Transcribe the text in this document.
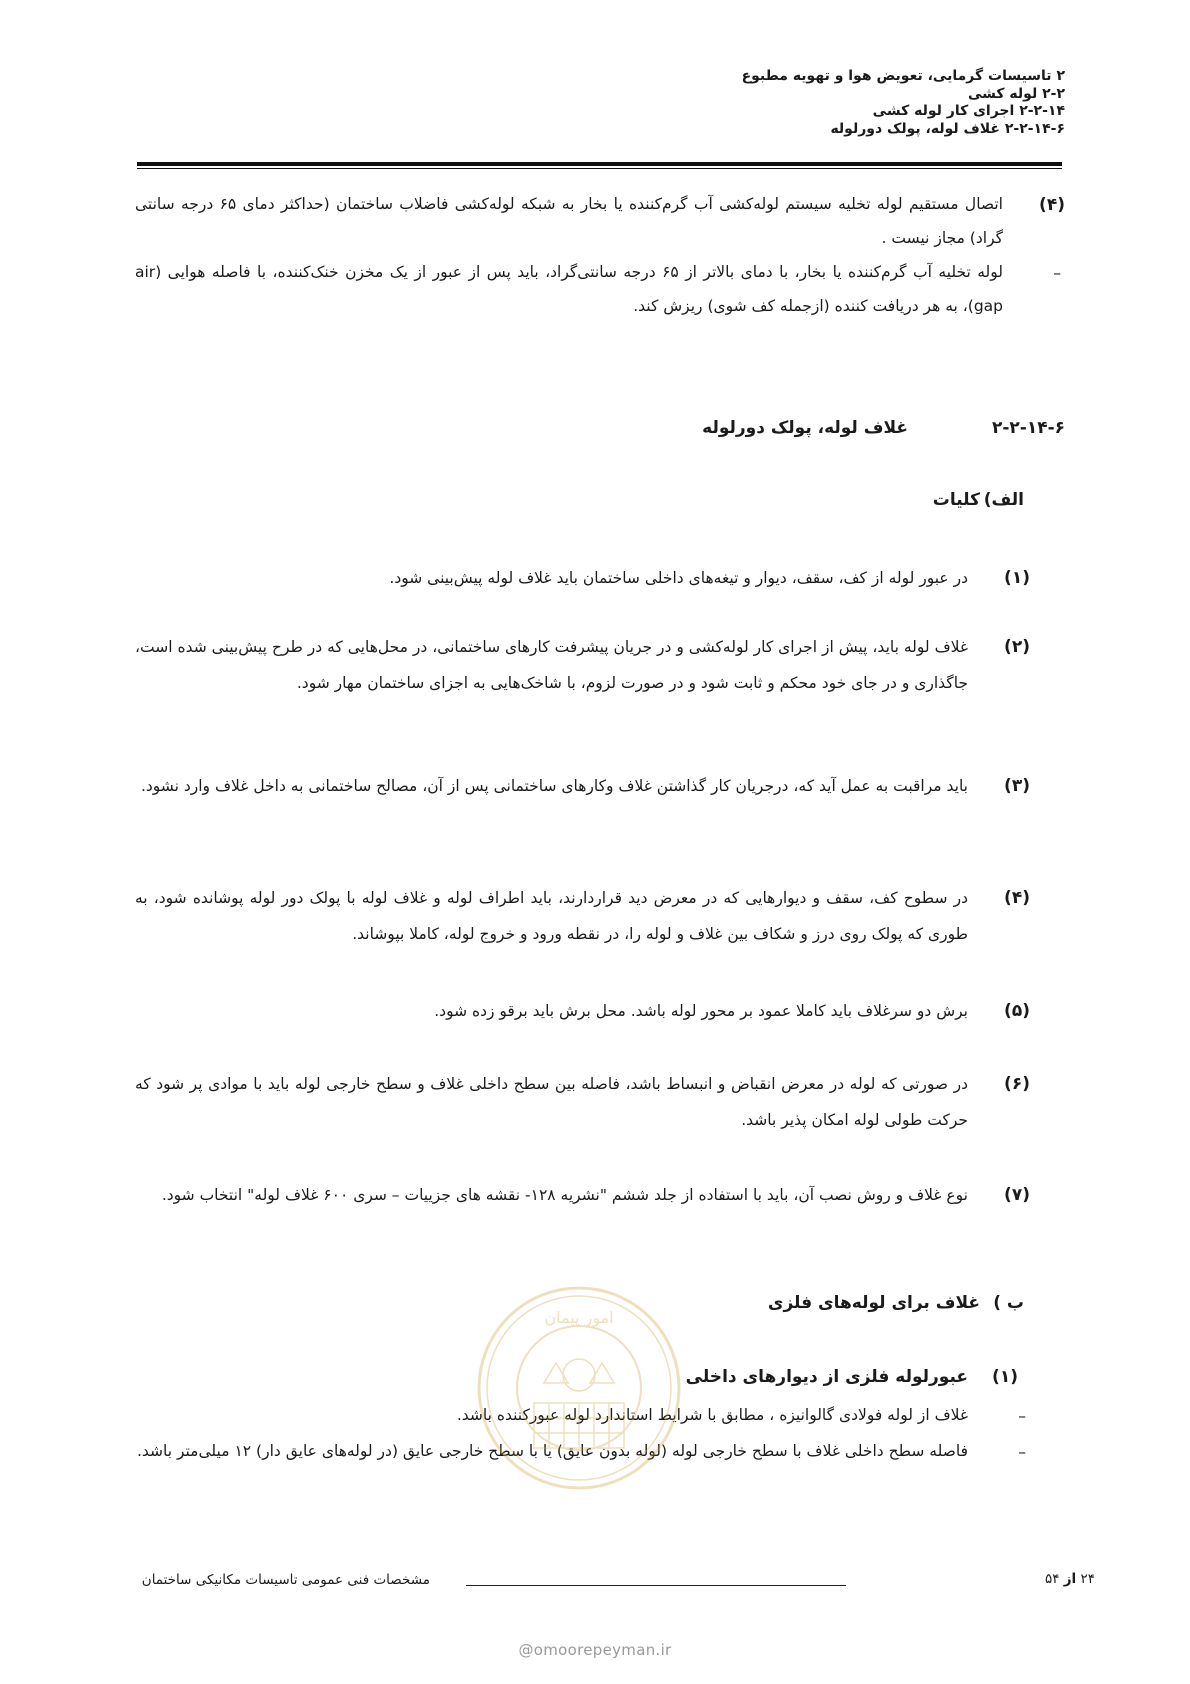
۲ تاسیسات گرمایی، تعویض هوا و تهویه مطبوع
۲-۲ لوله کشی
۲-۲-۱۴ اجرای کار لوله کشی
۲-۲-۱۴-۶ غلاف لوله، پولک دورلوله
(۴)
اتصال مستقیم لوله تخلیه سیستم لوله‌کشی آب گرم‌کننده یا بخار به شبکه لوله‌کشی فاضلاب ساختمان (حداکثر دمای ۶۵ درجه سانتی گراد) مجاز نیست .
–
لوله تخلیه آب گرم‌کننده یا بخار، با دمای بالاتر از ۶۵ درجه سانتی‌گراد، باید پس از عبور از یک مخزن خنک‌کننده، با فاصله هوایی (air gap)، به هر دریافت کننده (ازجمله کف شوی) ریزش کند.
۲-۲-۱۴-۶
غلاف لوله، پولک دورلوله
الف)
کلیات
(۱)
در عبور لوله از کف، سقف، دیوار و تیغه‌های داخلی ساختمان باید غلاف لوله پیش‌بینی شود.
(۲)
غلاف لوله باید، پیش از اجرای کار لوله‌کشی و در جریان پیشرفت کارهای ساختمانی، در محل‌هایی که در طرح پیش‌بینی شده است، جاگذاری و در جای خود محکم و ثابت شود و در صورت لزوم، با شاخک‌هایی به اجزای ساختمان مهار شود.
(۳)
باید مراقبت به عمل آید که، درجریان کار گذاشتن غلاف وکارهای ساختمانی پس از آن، مصالح ساختمانی به داخل غلاف وارد نشود.
(۴)
در سطوح کف، سقف و دیوارهایی که در معرض دید قراردارند، باید اطراف لوله و غلاف لوله با پولک دور لوله پوشانده شود، به طوری که پولک روی درز و شکاف بین غلاف و لوله را، در نقطه ورود و خروج لوله، کاملا بپوشاند.
(۵)
برش دو سرغلاف باید کاملا عمود بر محور لوله باشد. محل برش باید برقو زده شود.
(۶)
در صورتی که لوله در معرض انقباض و انبساط باشد، فاصله بین سطح داخلی غلاف و سطح خارجی لوله باید با موادی پر شود که حرکت طولی لوله امکان پذیر باشد.
(۷)
نوع غلاف و روش نصب آن، باید با استفاده از جلد ششم "نشریه ۱۲۸- نقشه های جزییات – سری ۶۰۰ غلاف لوله" انتخاب شود.
ب )
غلاف برای لوله‌های فلزی
(۱)
عبورلوله فلزی از دیوارهای داخلی
–
غلاف از لوله فولادی گالوانیزه ، مطابق با شرایط استاندارد لوله عبورکننده باشد.
–
فاصله سطح داخلی غلاف با سطح خارجی لوله (لوله بدون عایق) یا با سطح خارجی عایق (در لوله‌های عایق دار) ۱۲ میلی‌متر باشد.
امور پیمان
مشخصات فنی عمومی تاسیسات مکانیکی ساختمان	۲۴ از ۵۴
@omoorepeyman.ir
